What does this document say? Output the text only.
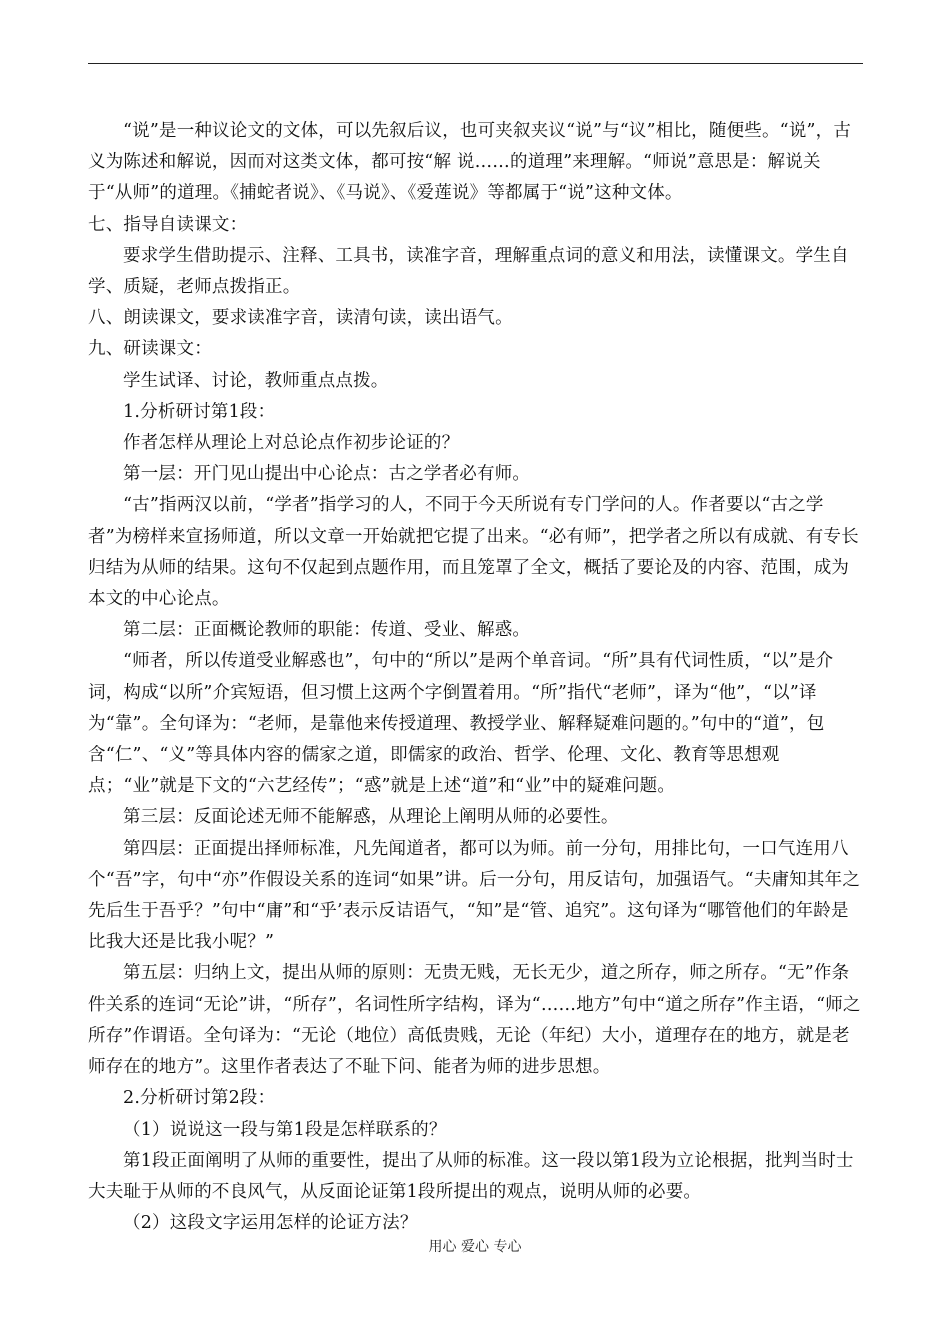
“说”是一种议论文的文体，可以先叙后议，也可夹叙夹议“说”与“议”相比，随便些。“说”，古义为陈述和解说，因而对这类文体，都可按“解 说……的道理”来理解。“师说”意思是：解说关于“从师”的道理。《捕蛇者说》、《马说》、《爱莲说》等都属于“说”这种文体。

七、指导自读课文：

要求学生借助提示、注释、工具书，读准字音，理解重点词的意义和用法，读懂课文。学生自学、质疑，老师点拨指正。

八、朗读课文，要求读准字音，读清句读，读出语气。

九、研读课文：

学生试译、讨论，教师重点点拨。

1.分析研讨第1段：

作者怎样从理论上对总论点作初步论证的？

第一层：开门见山提出中心论点：古之学者必有师。

“古”指两汉以前，“学者”指学习的人，不同于今天所说有专门学问的人。作者要以“古之学者”为榜样来宣扬师道，所以文章一开始就把它提了出来。“必有师”，把学者之所以有成就、有专长归结为从师的结果。这句不仅起到点题作用，而且笼罩了全文，概括了要论及的内容、范围，成为本文的中心论点。

第二层：正面概论教师的职能：传道、受业、解惑。

“师者，所以传道受业解惑也”，句中的“所以”是两个单音词。“所”具有代词性质，“以”是介词，构成“以所”介宾短语，但习惯上这两个字倒置着用。“所”指代“老师”，译为“他”，“以”译为“靠”。全句译为：“老师，是靠他来传授道理、教授学业、解释疑难问题的。”句中的“道”，包含“仁”、“义”等具体内容的儒家之道，即儒家的政治、哲学、伦理、文化、教育等思想观点；“业”就是下文的“六艺经传”；“惑”就是上述“道”和“业”中的疑难问题。

第三层：反面论述无师不能解惑，从理论上阐明从师的必要性。

第四层：正面提出择师标准，凡先闻道者，都可以为师。前一分句，用排比句，一口气连用八个“吾”字，句中“亦”作假设关系的连词“如果”讲。后一分句，用反诘句，加强语气。“夫庸知其年之先后生于吾乎？”句中“庸”和“乎’表示反诘语气，“知”是“管、追究”。这句译为“哪管他们的年龄是比我大还是比我小呢？”

第五层：归纳上文，提出从师的原则：无贵无贱，无长无少，道之所存，师之所存。“无”作条件关系的连词“无论”讲，“所存”，名词性所字结构，译为“……地方”句中“道之所存”作主语，“师之所存”作谓语。全句译为：“无论（地位）高低贵贱，无论（年纪）大小，道理存在的地方，就是老师存在的地方”。这里作者表达了不耻下问、能者为师的进步思想。

2.分析研讨第2段：

（1）说说这一段与第1段是怎样联系的？

第1段正面阐明了从师的重要性，提出了从师的标准。这一段以第1段为立论根据，批判当时士大夫耻于从师的不良风气，从反面论证第1段所提出的观点，说明从师的必要。

（2）这段文字运用怎样的论证方法？

用心 爱心 专心
